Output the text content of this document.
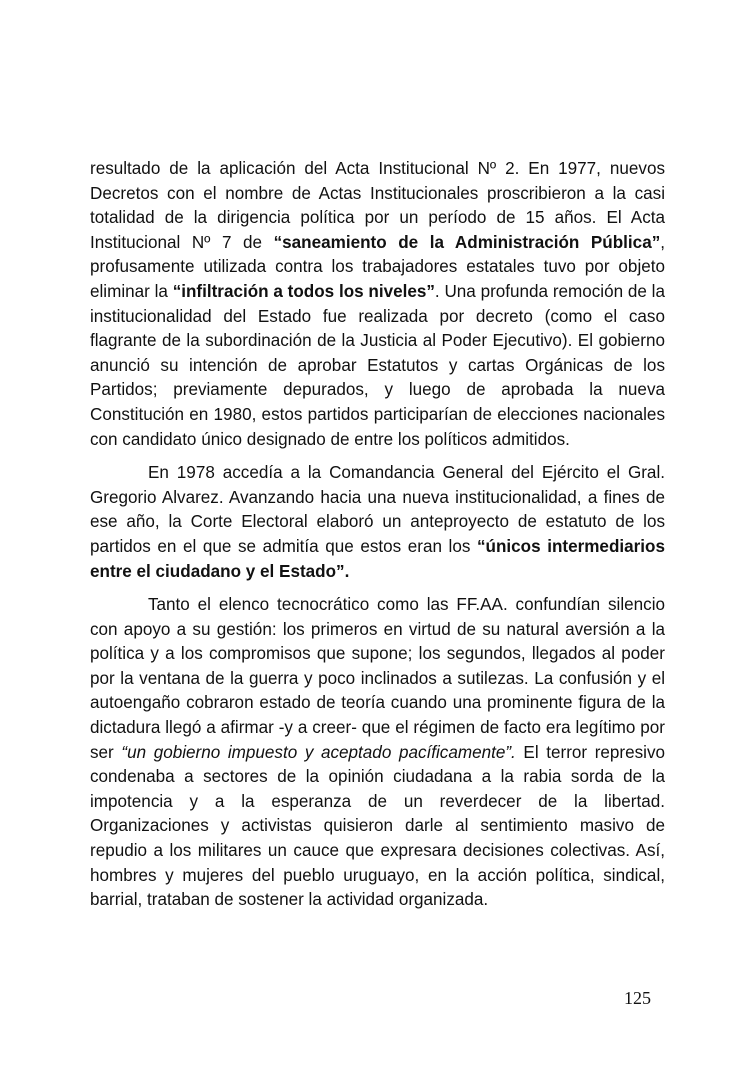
resultado de la aplicación del Acta Institucional Nº 2. En 1977, nuevos Decretos con el nombre de Actas Institucionales proscribieron a la casi totalidad de la dirigencia política por un período de 15 años. El Acta Institucional Nº 7 de “saneamiento de la Administración Pública”, profusamente utilizada contra los trabajadores estatales tuvo por objeto eliminar la “infiltración a todos los niveles”. Una profunda remoción de la institucionalidad del Estado fue realizada por decreto (como el caso flagrante de la subordinación de la Justicia al Poder Ejecutivo). El gobierno anunció su intención de aprobar Estatutos y cartas Orgánicas de los Partidos; previamente depurados, y luego de aprobada la nueva Constitución en 1980, estos partidos participarían de elecciones nacionales con candidato único designado de entre los políticos admitidos.

En 1978 accedía a la Comandancia General del Ejército el Gral. Gregorio Alvarez. Avanzando hacia una nueva institucionalidad, a fines de ese año, la Corte Electoral elaboró un anteproyecto de estatuto de los partidos en el que se admitía que estos eran los “únicos intermediarios entre el ciudadano y el Estado”.

Tanto el elenco tecnocrático como las FF.AA. confundían silencio con apoyo a su gestión: los primeros en virtud de su natural aversión a la política y a los compromisos que supone; los segundos, llegados al poder por la ventana de la guerra y poco inclinados a sutilezas. La confusión y el autoengaño cobraron estado de teoría cuando una prominente figura de la dictadura llegó a afirmar -y a creer- que el régimen de facto era legítimo por ser “un gobierno impuesto y aceptado pacíficamente”. El terror represivo condenaba a sectores de la opinión ciudadana a la rabia sorda de la impotencia y a la esperanza de un reverdecer de la libertad. Organizaciones y activistas quisieron darle al sentimiento masivo de repudio a los militares un cauce que expresara decisiones colectivas. Así, hombres y mujeres del pueblo uruguayo, en la acción política, sindical, barrial, trataban de sostener la actividad organizada.

125
